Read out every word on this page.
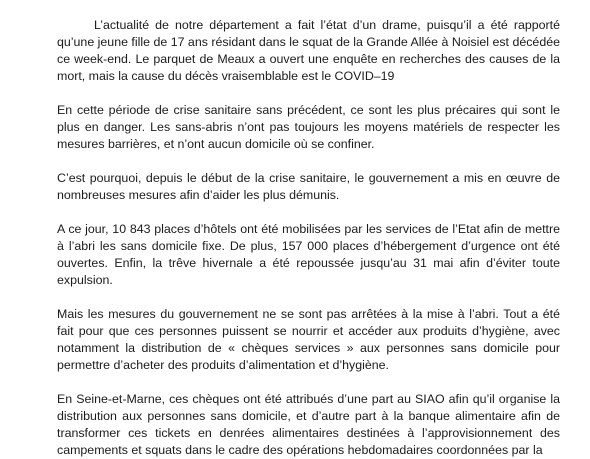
L’actualité de notre département a fait l’état d’un drame, puisqu’il a été rapporté qu’une jeune fille de 17 ans résidant dans le squat de la Grande Allée à Noisiel est décédée ce week-end. Le parquet de Meaux a ouvert une enquête en recherches des causes de la mort, mais la cause du décès vraisemblable est le COVID–19

En cette période de crise sanitaire sans précédent, ce sont les plus précaires qui sont le plus en danger. Les sans-abris n’ont pas toujours les moyens matériels de respecter les mesures barrières, et n’ont aucun domicile où se confiner.

C’est pourquoi, depuis le début de la crise sanitaire, le gouvernement a mis en œuvre de nombreuses mesures afin d’aider les plus démunis.

A ce jour, 10 843 places d’hôtels ont été mobilisées par les services de l’Etat afin de mettre à l’abri les sans domicile fixe. De plus, 157 000 places d’hébergement d’urgence ont été ouvertes. Enfin, la trêve hivernale a été repoussée jusqu’au 31 mai afin d’éviter toute expulsion.

Mais les mesures du gouvernement ne se sont pas arrêtées à la mise à l’abri. Tout a été fait pour que ces personnes puissent se nourrir et accéder aux produits d’hygiène, avec notamment la distribution de « chèques services » aux personnes sans domicile pour permettre d’acheter des produits d’alimentation et d’hygiène.

En Seine-et-Marne, ces chèques ont été attribués d’une part au SIAO afin qu’il organise la distribution aux personnes sans domicile, et d’autre part à la banque alimentaire afin de transformer ces tickets en denrées alimentaires destinées à l’approvisionnement des campements et squats dans le cadre des opérations hebdomadaires coordonnées par la
